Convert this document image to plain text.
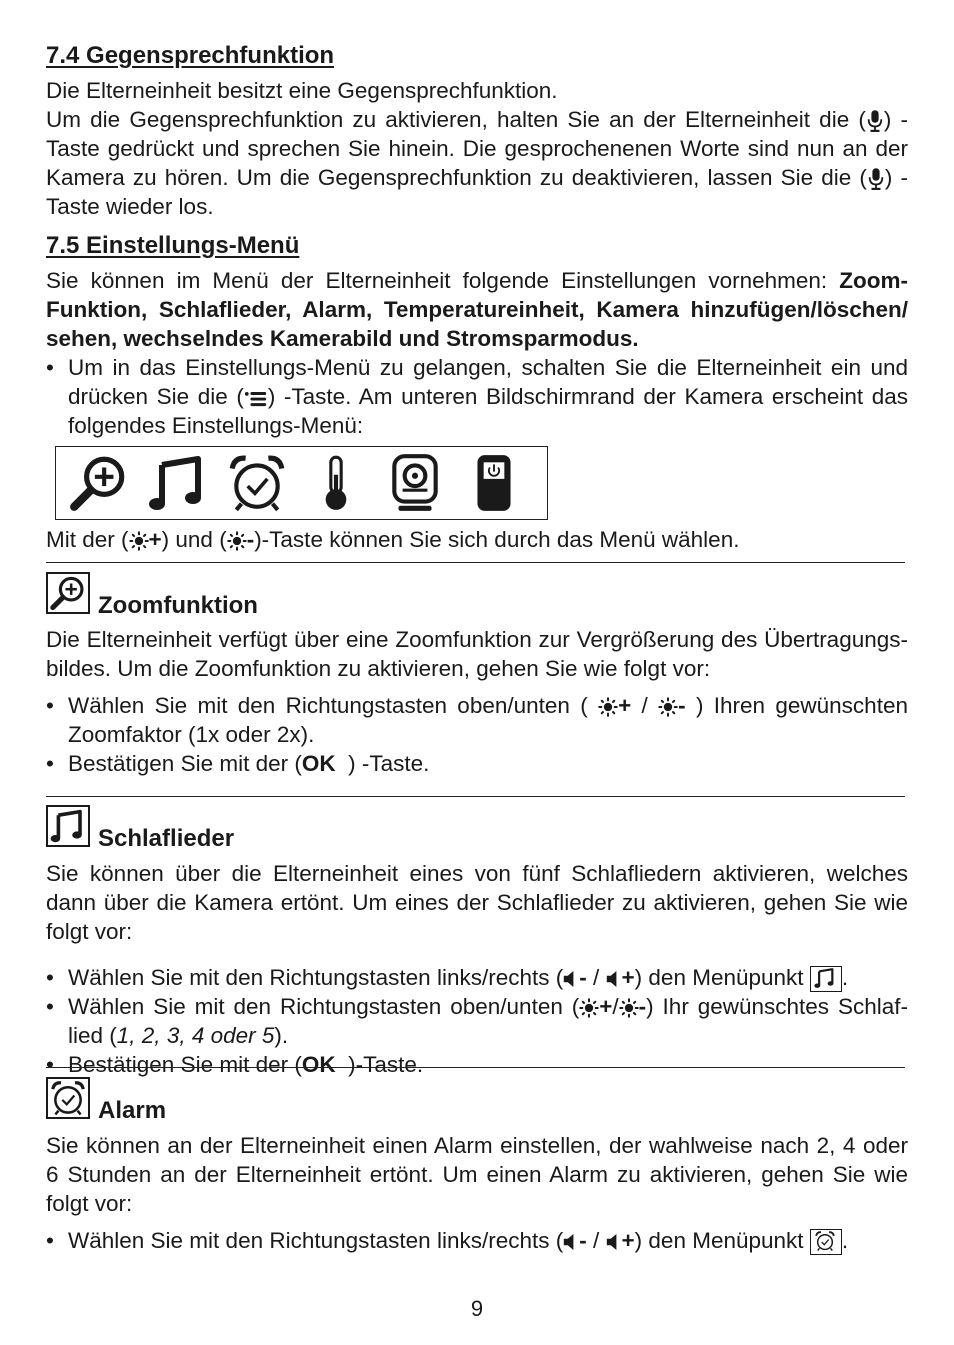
7.4 Gegensprechfunktion

Die Elterneinheit besitzt eine Gegensprechfunktion.

Um die Gegensprechfunktion zu aktivieren, halten Sie an der Elterneinheit die ( ) -Taste gedrückt und sprechen Sie hinein. Die gesprochenenen Worte sind nun an der Kamera zu hören. Um die Gegensprechfunktion zu deaktivieren, lassen Sie die ( ) -Taste wieder los.

7.5 Einstellungs-Menü

Sie können im Menü der Elterneinheit folgende Einstellungen vornehmen: Zoom-Funktion, Schlaflieder, Alarm, Temperatureinheit, Kamera hinzufügen/löschen/ sehen, wechselndes Kamerabild und Stromsparmodus.

• Um in das Einstellungs-Menü zu gelangen, schalten Sie die Elterneinheit ein und drücken Sie die ( ) -Taste. Am unteren Bildschirmrand der Kamera erscheint das folgendes Einstellungs-Menü:

Mit der ( +) und ( -)-Taste können Sie sich durch das Menü wählen.

Zoomfunktion

Die Elterneinheit verfügt über eine Zoomfunktion zur Vergrößerung des Übertragungs-bildes. Um die Zoomfunktion zu aktivieren, gehen Sie wie folgt vor:

• Wählen Sie mit den Richtungstasten oben/unten ( + / - ) Ihren gewünschten Zoomfaktor (1x oder 2x).
• Bestätigen Sie mit der (OK ) -Taste.
Schlaflieder

Sie können über die Elterneinheit eines von fünf Schlafliedern aktivieren, welches dann über die Kamera ertönt. Um eines der Schlaflieder zu aktivieren, gehen Sie wie folgt vor:

• Wählen Sie mit den Richtungstasten links/rechts ( - / +) den Menüpunkt .
• Wählen Sie mit den Richtungstasten oben/unten ( +/ -) Ihr gewünschtes Schlaf-lied (1, 2, 3, 4 oder 5).
• Bestätigen Sie mit der (OK )-Taste.
Alarm

Sie können an der Elterneinheit einen Alarm einstellen, der wahlweise nach 2, 4 oder 6 Stunden an der Elterneinheit ertönt. Um einen Alarm zu aktivieren, gehen Sie wie folgt vor:

• Wählen Sie mit den Richtungstasten links/rechts ( - / +) den Menüpunkt .
9
